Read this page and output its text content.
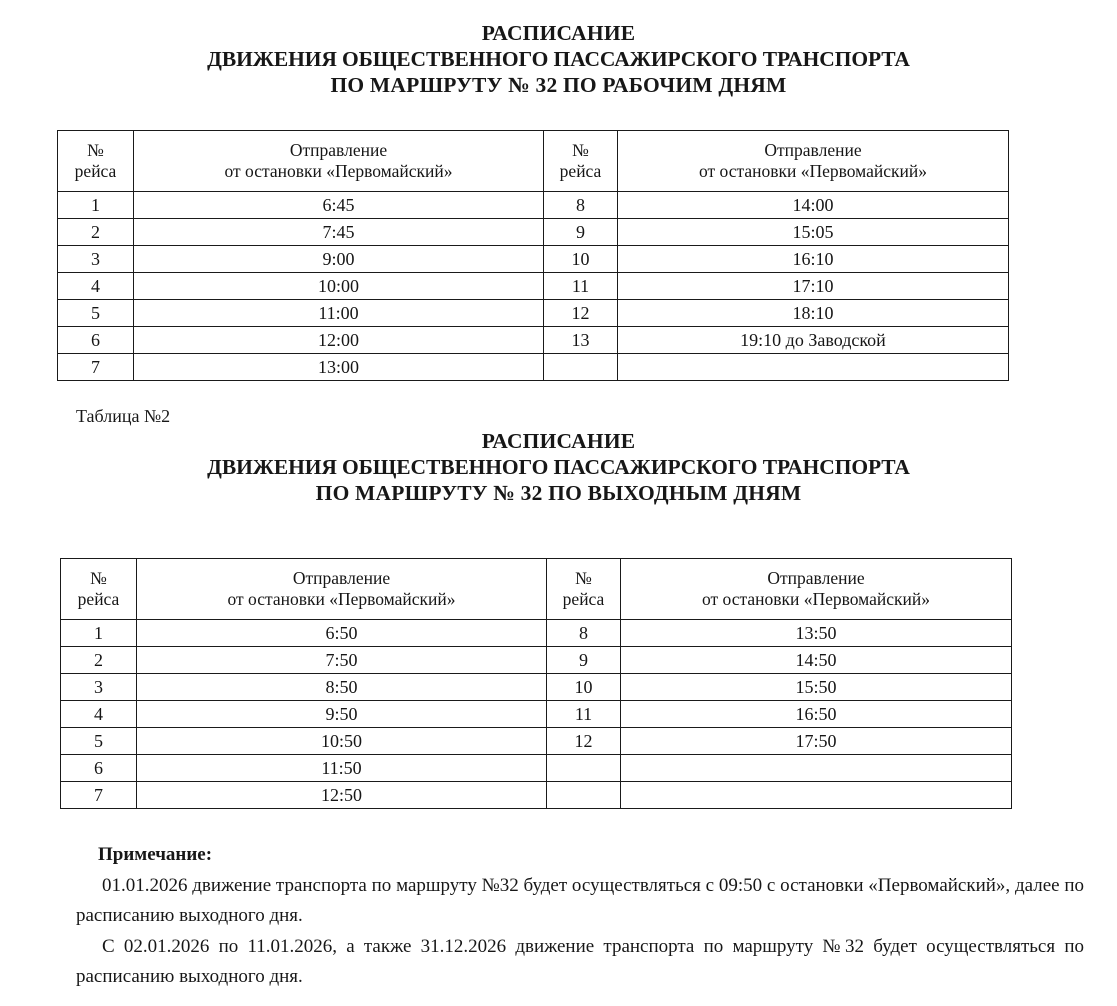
РАСПИСАНИЕ
ДВИЖЕНИЯ ОБЩЕСТВЕННОГО ПАССАЖИРСКОГО ТРАНСПОРТА
ПО МАРШРУТУ № 32 ПО РАБОЧИМ ДНЯМ
№
рейса	Отправление
от остановки «Первомайский»	№
рейса	Отправление
от остановки «Первомайский»

1	6:45	8	14:00
2	7:45	9	15:05
3	9:00	10	16:10
4	10:00	11	17:10
5	11:00	12	18:10
6	12:00	13	19:10 до Заводской
7	13:00		
Таблица №2
РАСПИСАНИЕ
ДВИЖЕНИЯ ОБЩЕСТВЕННОГО ПАССАЖИРСКОГО ТРАНСПОРТА
ПО МАРШРУТУ № 32 ПО ВЫХОДНЫМ ДНЯМ
№
рейса	Отправление
от остановки «Первомайский»	№
рейса	Отправление
от остановки «Первомайский»

1	6:50	8	13:50
2	7:50	9	14:50
3	8:50	10	15:50
4	9:50	11	16:50
5	10:50	12	17:50
6	11:50		
7	12:50		
Примечание:
01.01.2026 движение транспорта по маршруту №32 будет осуществляться с 09:50 с остановки «Первомайский», далее по расписанию выходного дня.
С 02.01.2026 по 11.01.2026, а также 31.12.2026 движение транспорта по маршруту №32 будет осуществляться по расписанию выходного дня.
